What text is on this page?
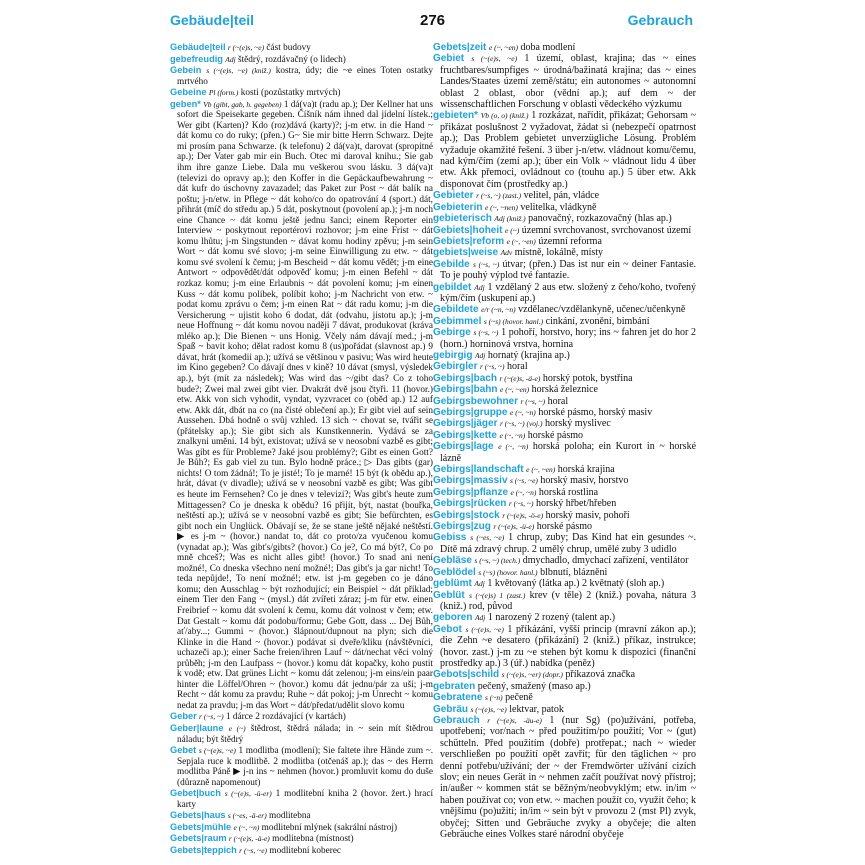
Gebäude|teil	276	Gebrauch

Gebäude|teil r (~(e)s, ~e) část budovy

gebefreudig Adj štědrý, rozdávačný (o lidech)

Gebein s (~(e)s, ~e) (kniž.) kostra, údy; die ~e eines Toten ostatky mrtvého

Gebeine Pl (form.) kosti (pozůstatky mrtvých)

geben* Vb (gibt, gab, h. gegeben) 1 dá(va)t (radu ap.); Der Kellner hat uns sofort die Speisekarte gegeben. Číšník nám ihned dal jídelní lístek.; Wer gibt (Karten)? Kdo (roz)dává (karty)?; j-m etw. in die Hand ~ dát komu co do ruky; (přen.) G~ Sie mir bitte Herrn Schwarz. Dejte mi prosím pana Schwarze. (k telefonu) 2 dá(va)t, darovat (spropitné ap.); Der Vater gab mir ein Buch. Otec mi daroval knihu.; Sie gab ihm ihre ganze Liebe. Dala mu veškerou svou lásku. 3 dá(va)t (televizi do opravy ap.); den Koffer in die Gepäckaufbewahrung ~ dát kufr do úschovny zavazadel; das Paket zur Post ~ dát balík na poštu; j-n/etw. in Pflege ~ dát koho/co do opatrování 4 (sport.) dát, přihrát (míč do středu ap.) 5 dát, poskytnout (povolení ap.); j-m noch eine Chance ~ dát komu ještě jednu šanci; einem Reporter ein Interview ~ poskytnout reportérovi rozhovor; j-m eine Frist ~ dát komu lhůtu; j-m Singstunden ~ dávat komu hodiny zpěvu; j-m sein Wort ~ dát komu své slovo; j-m seine Einwilligung zu etw. ~ dát komu své svolení k čemu; j-m Bescheid ~ dát komu vědět; j-m eine Antwort ~ odpovědět/dát odpověď komu; j-m einen Befehl ~ dát rozkaz komu; j-m eine Erlaubnis ~ dát povolení komu; j-m einen Kuss ~ dát komu polibek, políbit koho; j-m Nachricht von etw. ~ podat komu zprávu o čem; j-m einen Rat ~ dát radu komu; j-m die Versicherung ~ ujistit koho 6 dodat, dát (odvahu, jistotu ap.); j-m neue Hoffnung ~ dát komu novou naději 7 dávat, produkovat (kráva mléko ap.); Die Bienen ~ uns Honig. Včely nám dávají med.; j-m Spaß ~ bavit koho; dělat radost komu 8 (us)pořádat (slavnost ap.) 9 dávat, hrát (komedii ap.); užívá se většinou v pasivu; Was wird heute im Kino gegeben? Co dávají dnes v kině? 10 dávat (smysl, výsledek ap.), být (mít za následek); Was wird das ~/gibt das? Co z toho bude?; Zwei mal zwei gibt vier. Dvakrát dvě jsou čtyři. 11 (hovor.) etw. Akk von sich vyhodit, vyndat, vyzvracet co (oběd ap.) 12 auf etw. Akk dát, dbát na co (na čisté oblečení ap.); Er gibt viel auf sein Aussehen. Dbá hodně o svůj vzhled. 13 sich ~ chovat se, tvářit se (přátelsky ap.); Sie gibt sich als Kunstkennerin. Vydává se za znalkyni umění. 14 být, existovat; užívá se v neosobní vazbě es gibt; Was gibt es für Probleme? Jaké jsou problémy?; Gibt es einen Gott? Je Bůh?; Es gab viel zu tun. Bylo hodně práce.; ▷ Das gibts (gar) nichts! O tom žádná!; To je jisté!; To je marné! 15 být (k obědu ap.), hrát, dávat (v divadle); užívá se v neosobní vazbě es gibt; Was gibt es heute im Fernsehen? Co je dnes v televizi?; Was gibt's heute zum Mittagessen? Co je dneska k obědu? 16 přijít, být, nastat (bouřka, neštěstí ap.); užívá se v neosobní vazbě es gibt; Sie befürchten, es gibt noch ein Unglück. Obávají se, že se stane ještě nějaké neštěstí. ▶ es j-m ~ (hovor.) nandat to, dát co proto/za vyučenou komu (vynadat ap.); Was gibt's/gibts? (hovor.) Co je?, Co má být?, Co po mně chceš?; Was es nicht alles gibt! (hovor.) To snad ani není možné!, Co dneska všechno není možné!; Das gibt's ja gar nicht! To teda nepůjde!, To není možné!; etw. ist j-m gegeben co je dáno komu; den Ausschlag ~ být rozhodující; ein Beispiel ~ dát příklad; einem Tier den Fang ~ (mysl.) dát zvířeti záraz; j-m für etw. einen Freibrief ~ komu dát svolení k čemu, komu dát volnost v čem; etw. Dat Gestalt ~ komu dát podobu/formu; Gebe Gott, dass ... Dej Bůh, ať/aby...; Gummi ~ (hovor.) šlápnout/dupnout na plyn; sich die Klinke in die Hand ~ (hovor.) podávat si dveře/kliku (návštěvníci, uchazeči ap.); einer Sache freien/ihren Lauf ~ dát/nechat věci volný průběh; j-m den Laufpass ~ (hovor.) komu dát kopačky, koho pustit k vodě; etw. Dat grünes Licht ~ komu dát zelenou; j-m eins/ein paar hinter die Löffel/Ohren ~ (hovor.) komu dát jednu/pár za uši; j-m Recht ~ dát komu za pravdu; Ruhe ~ dát pokoj; j-m Unrecht ~ komu nedat za pravdu; j-m das Wort ~ dát/předat/udělit slovo komu

Geber r (~s, ~) 1 dárce 2 rozdávající (v kartách)

Geber|laune e (~) štědrost, štědrá nálada; in ~ sein mít štědrou náladu; být štědrý

Gebet s (~(e)s, ~e) 1 modlitba (modlení); Sie faltete ihre Hände zum ~. Sepjala ruce k modlitbě. 2 modlitba (otčenáš ap.); das ~ des Herrn modlitba Páně ▶ j-n ins ~ nehmen (hovor.) promluvit komu do duše (důrazně napomenout)

Gebet|buch s (~(e)s, -ü-er) 1 modlitební kniha 2 (hovor. žert.) hrací karty

Gebets|haus s (~es, -ä-er) modlitebna

Gebets|mühle e (~, ~n) modlitební mlýnek (sakrální nástroj)

Gebets|raum r (~(e)s, -ä-e) modlitebna (místnost)

Gebets|teppich r (~s, ~e) modlitební koberec

Gebets|zeit e (~, ~en) doba modlení

Gebiet s (~(e)s, ~e) 1 území, oblast, krajina; das ~ eines fruchtbares/sumpfiges ~ úrodná/bažinatá krajina; das ~ eines Landes/Staates území země/státu; ein autonomes ~ autonomní oblast 2 oblast, obor (vědní ap.); auf dem ~ der wissenschaftlichen Forschung v oblasti vědeckého výzkumu

gebieten* Vb (o, o) (kniž.) 1 rozkázat, nařídit, přikázat; Gehorsam ~ přikázat poslušnost 2 vyžadovat, žádat si (nebezpečí opatrnost ap.); Das Problem gebietet unverzügliche Lösung. Problém vyžaduje okamžité řešení. 3 über j-n/etw. vládnout komu/čemu, nad kým/čím (zemí ap.); über ein Volk ~ vládnout lidu 4 über etw. Akk přemoci, ovládnout co (touhu ap.) 5 über etw. Akk disponovat čím (prostředky ap.)

Gebieter r (~s, ~) (zast.) velitel, pán, vládce

Gebieterin e (~, ~nen) velitelka, vládkyně

gebieterisch Adj (kniž.) panovačný, rozkazovačný (hlas ap.)

Gebiets|hoheit e (~) územní svrchovanost, svrchovanost území

Gebiets|reform e (~, ~en) územní reforma

gebiets|weise Adv místně, lokálně, místy

Gebilde s (~s, ~) útvar; (přen.) Das ist nur ein ~ deiner Fantasie. To je pouhý výplod tvé fantazie.

gebildet Adj 1 vzdělaný 2 aus etw. složený z čeho/koho, tvořený kým/čím (uskupení ap.)

Gebildete e/r (~n, ~n) vzdělanec/vzdělankyně, učenec/učenkyně

Gebimmel s (~s) (hovor. hanl.) cinkání, zvonění, bimbání

Gebirge s (~s, ~) 1 pohoří, horstvo, hory; ins ~ fahren jet do hor 2 (horn.) horninová vrstva, hornina

gebirgig Adj hornatý (krajina ap.)

Gebirgler r (~s, ~) horal

Gebirgs|bach r (~(e)s, -ä-e) horský potok, bystřina

Gebirgs|bahn e (~, ~en) horská železnice

Gebirgsbewohner r (~s, ~) horal

Gebirgs|gruppe e (~, ~n) horské pásmo, horský masiv

Gebirgs|jäger r (~s, ~) (voj.) horský myslivec

Gebirgs|kette e (~, ~n) horské pásmo

Gebirgs|lage e (~, ~n) horská poloha; ein Kurort in ~ horské lázně

Gebirgs|landschaft e (~, ~en) horská krajina

Gebirgs|massiv s (~s, ~e) horský masiv, horstvo

Gebirgs|pflanze e (~, ~n) horská rostlina

Gebirgs|rücken r (~s, ~) horský hřbet/hřeben

Gebirgs|stock r (~(e)s, -ö-e) horský masiv, pohoří

Gebirgs|zug r (~(e)s, -ü-e) horské pásmo

Gebiss s (~es, ~e) 1 chrup, zuby; Das Kind hat ein gesundes ~. Dítě má zdravý chrup. 2 umělý chrup, umělé zuby 3 udidlo

Gebläse s (~s, ~) (tech.) dmychadlo, dmychací zařízení, ventilátor

Geblödel s (~s) (hovor. hanl.) blbnutí, blázněni

geblümt Adj 1 květovaný (látka ap.) 2 květnatý (sloh ap.)

Geblüt s (~(e)s) 1 (zast.) krev (v těle) 2 (kniž.) povaha, nátura 3 (kniž.) rod, původ

geboren Adj 1 narozený 2 rozený (talent ap.)

Gebot s (~(e)s, ~e) 1 příkázání, vyšší princip (mravní zákon ap.); die Zehn ~e desatero (přikázání) 2 (kniž.) příkaz, instrukce; (hovor. zast.) j-m zu ~e stehen být komu k dispozici (finanční prostředky ap.) 3 (úř.) nabídka (peněz)

Gebots|schild s (~(e)s, ~er) (dopr.) příkazová značka

gebraten pečený, smažený (maso ap.)

Gebratene s (~n) pečeně

Gebräu s (~(e)s, ~e) lektvar, patok

Gebrauch r (~(e)s, -äu-e) 1 (nur Sg) (po)užívání, potřeba, upotřebení; vor/nach ~ před použitím/po použití; Vor ~ (gut) schütteln. Před použitím (dobře) protřepat.; nach ~ wieder verschließen po použití opět zavřít; für den täglichen ~ pro denní potřebu/užívání; der ~ der Fremdwörter užívání cizích slov; ein neues Gerät in ~ nehmen začít používat nový přístroj; in/außer ~ kommen stát se běžným/neobvyklým; etw. in/im ~ haben používat co; von etw. ~ machen použít co, využít čeho; k vnějšímu (po)užití; in/im ~ sein být v provozu 2 (mst Pl) zvyk, obyčej; Sitten und Gebräuche zvyky a obyčeje; die alten Gebräuche eines Volkes staré národní obyčeje
